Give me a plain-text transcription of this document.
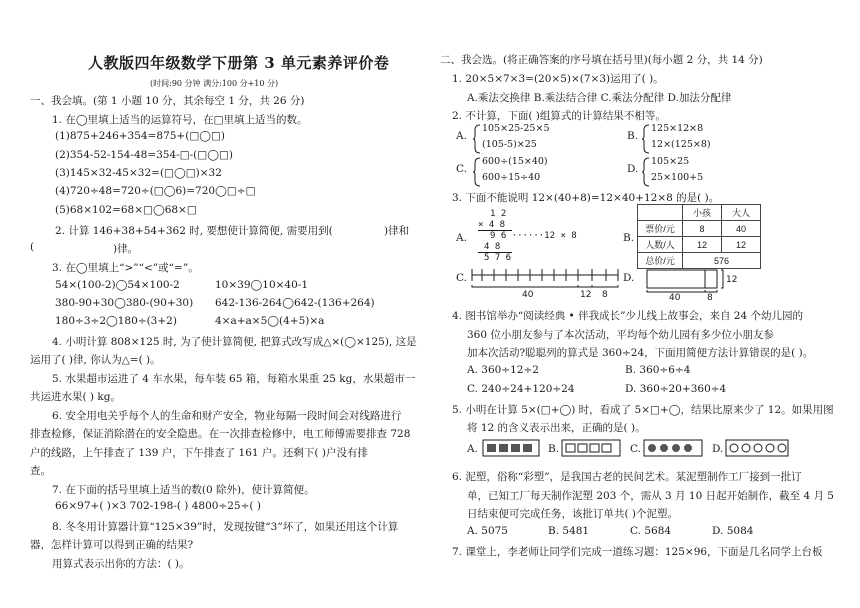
人教版四年级数学下册第 3 单元素养评价卷
(时间:90 分钟 满分:100 分+10 分)
一、我会填。(第 1 小题 10 分，其余每空 1 分，共 26 分)
1. 在◯里填上适当的运算符号，在□里填上适当的数。
(1)875+246+354=875+(□◯□)
(2)354-52-154-48=354-□-(□◯□)
(3)145×32-45×32=(□◯□)×32
(4)720÷48=720÷(□◯6)=720◯□÷□
(5)68×102=68×□◯68×□
2. 计算 146+38+54+362 时, 要想使计算简便, 需要用到(	)律和
(	)律。
3. 在◯里填上“>”“<”或“=”。
54×(100-2)◯54×100-2	10×39◯10×40-1
380-90+30◯380-(90+30) 642-136-264◯642-(136+264)
180÷3÷2◯180÷(3+2)	4×a+a×5◯(4+5)×a
4. 小明计算 808×125 时, 为了使计算简便, 把算式改写成△×(◯×125), 这是
运用了( )律, 你认为△=( )。
5. 水果超市运进了 4 车水果，每车装 65 箱，每箱水果重 25 kg，水果超市一
共运进水果( ) kg。
6. 安全用电关乎每个人的生命和财产安全，物业每隔一段时间会对线路进行
排查检修，保证消除潜在的安全隐患。在一次排查检修中，电工师傅需要排查 728
户的线路，上午排查了 139 户，下午排查了 161 户。还剩下( )户没有排
查。
7. 在下面的括号里填上适当的数(0 除外)，使计算简便。
66×97+( )×3 702-198-( ) 4800÷25÷( )
8. 冬冬用计算器计算“125×39”时，发现按键“3”坏了，如果还用这个计算
器，怎样计算可以得到正确的结果?
用算式表示出你的方法：( )。
二、我会选。(将正确答案的序号填在括号里)(每小题 2 分，共 14 分)
1. 20×5×7×3=(20×5)×(7×3)运用了( )。
A.乘法交换律 B.乘法结合律 C.乘法分配律 D.加法分配律
2. 不计算，下面( )组算式的计算结果不相等。
A.
105×25-25×5
(105-5)×25
B.
125×12×8
12×(125×8)
C.
600÷(15×40)
600÷15÷40
D.
105×25
25×100+5
3. 下面不能说明 12×(40+8)=12×40+12×8 的是( )。
A.
1 2
× 4 8
9 6 ······12 × 8
4 8
5 7 6
B.
	小孩	大人
票价/元	8	40
人数/人	12	12
总价/元	576	
C.
40	12 8
D.
40	8
12
4. 图书馆举办“阅读经典 • 伴我成长”少儿线上故事会，来自 24 个幼儿园的
360 位小朋友参与了本次活动，平均每个幼儿园有多少位小朋友参
加本次活动?聪聪列的算式是 360÷24，下面用简便方法计算错误的是( )。
A. 360÷12÷2	B. 360÷6÷4
C. 240÷24+120÷24	D. 360÷20+360÷4
5. 小明在计算 5×(□+◯) 时，看成了 5×□+◯，结果比原来少了 12。如果用图
将 12 的含义表示出来，正确的是( )。
A.	B.	C.	D.
6. 泥塑，俗称“彩塑”，是我国古老的民间艺术。某泥塑制作工厂接到一批订
单，已知工厂每天制作泥塑 203 个，需从 3 月 10 日起开始制作，截至 4 月 5
日结束便可完成任务，该批订单共( )个泥塑。
A. 5075	B. 5481	C. 5684	D. 5084
7. 课堂上，李老师让同学们完成一道练习题：125×96，下面是几名同学上台板
